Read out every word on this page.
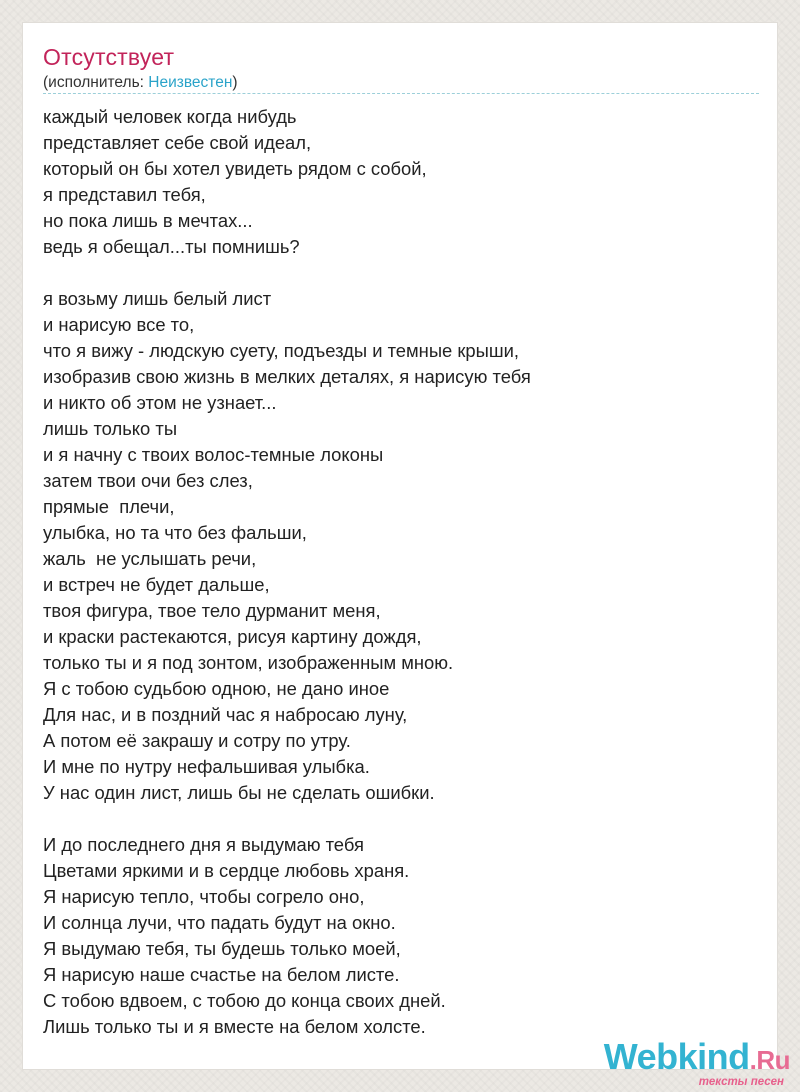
Отсутствует
(исполнитель: Неизвестен)
каждый человек когда нибудь
представляет себе свой идеал,
который он бы хотел увидеть рядом с собой,
я представил тебя,
но пока лишь в мечтах...
ведь я обещал...ты помнишь?
я возьму лишь белый лист
и нарисую все то,
что я вижу - людскую суету, подъезды и темные крыши,
изобразив свою жизнь в мелких деталях, я нарисую тебя
и никто об этом не узнает...
лишь только ты
и я начну с твоих волос-темные локоны
затем твои очи без слез,
прямые  плечи,
улыбка, но та что без фальши,
жаль  не услышать речи,
и встреч не будет дальше,
твоя фигура, твое тело дурманит меня,
и краски растекаются, рисуя картину дождя,
только ты и я под зонтом, изображенным мною.
Я с тобою судьбою одною, не дано иное
Для нас, и в поздний час я набросаю луну,
А потом её закрашу и сотру по утру.
И мне по нутру нефальшивая улыбка.
У нас один лист, лишь бы не сделать ошибки.
И до последнего дня я выдумаю тебя
Цветами яркими и в сердце любовь храня.
Я нарисую тепло, чтобы согрело оно,
И солнца лучи, что падать будут на окно.
Я выдумаю тебя, ты будешь только моей,
Я нарисую наше счастье на белом листе.
С тобою вдвоем, с тобою до конца своих дней.
Лишь только ты и я вместе на белом холсте.
Webkind.Ru
тексты песен
